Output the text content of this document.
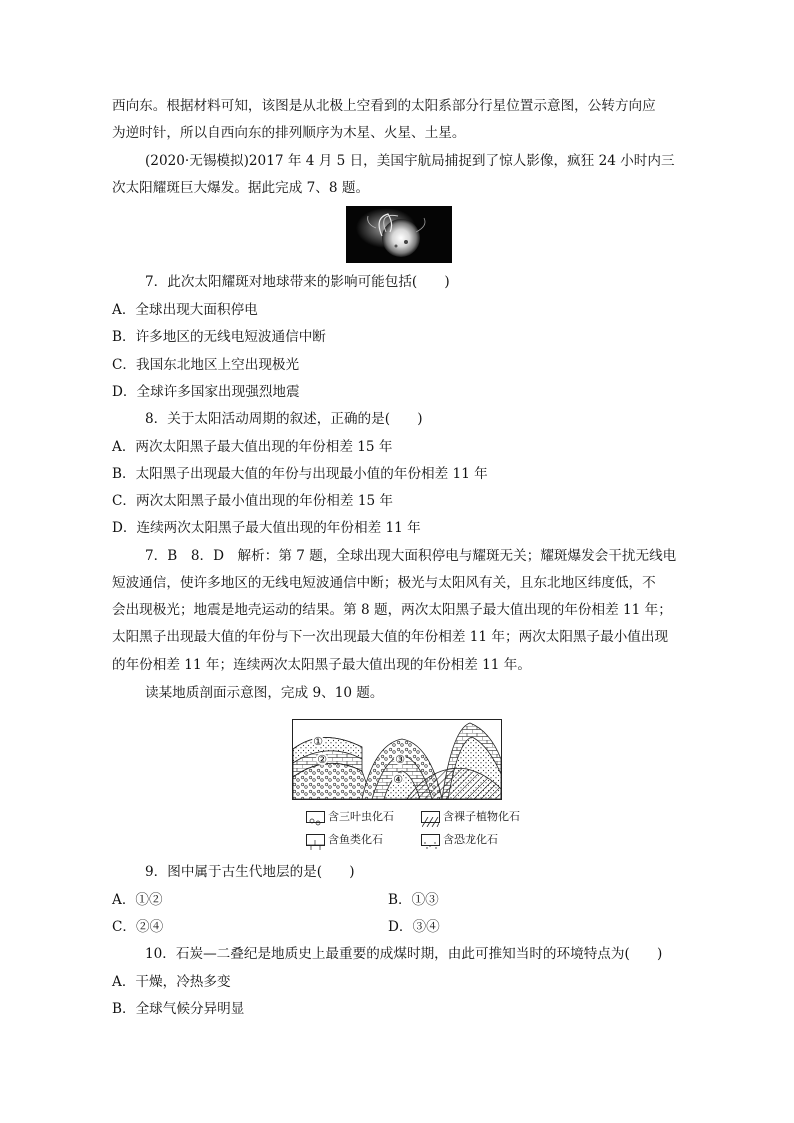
西向东。根据材料可知，该图是从北极上空看到的太阳系部分行星位置示意图，公转方向应
为逆时针，所以自西向东的排列顺序为木星、火星、土星。
(2020·无锡模拟)2017 年 4 月 5 日，美国宇航局捕捉到了惊人影像，疯狂 24 小时内三
次太阳耀斑巨大爆发。据此完成 7、8 题。
7．此次太阳耀斑对地球带来的影响可能包括(　　)
A．全球出现大面积停电
B．许多地区的无线电短波通信中断
C．我国东北地区上空出现极光
D．全球许多国家出现强烈地震
8．关于太阳活动周期的叙述，正确的是(　　)
A．两次太阳黑子最大值出现的年份相差 15 年
B．太阳黑子出现最大值的年份与出现最小值的年份相差 11 年
C．两次太阳黑子最小值出现的年份相差 15 年
D．连续两次太阳黑子最大值出现的年份相差 11 年
7．B　8．D　解析：第 7 题，全球出现大面积停电与耀斑无关；耀斑爆发会干扰无线电
短波通信，使许多地区的无线电短波通信中断；极光与太阳风有关，且东北地区纬度低，不
会出现极光；地震是地壳运动的结果。第 8 题，两次太阳黑子最大值出现的年份相差 11 年；
太阳黑子出现最大值的年份与下一次出现最大值的年份相差 11 年；两次太阳黑子最小值出现
的年份相差 11 年；连续两次太阳黑子最大值出现的年份相差 11 年。
读某地质剖面示意图，完成 9、10 题。
①
②	③
④
含三叶虫化石	含裸子植物化石
含鱼类化石	含恐龙化石
9．图中属于古生代地层的是(　　)
A．①②	B．①③
C．②④	D．③④
10．石炭—二叠纪是地质史上最重要的成煤时期，由此可推知当时的环境特点为(　　)
A．干燥，冷热多变
B．全球气候分异明显
